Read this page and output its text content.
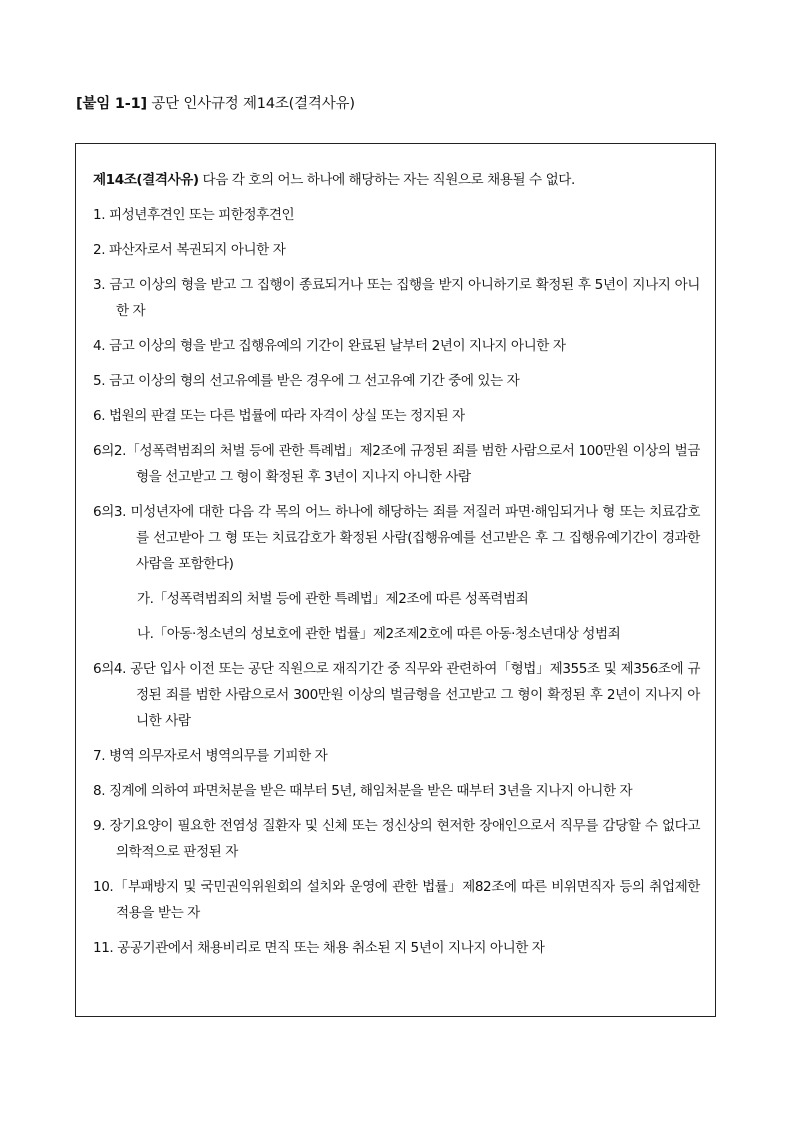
[붙임 1-1] 공단 인사규정 제14조(결격사유)

제14조(결격사유) 다음 각 호의 어느 하나에 해당하는 자는 직원으로 채용될 수 없다.

1. 피성년후견인 또는 피한정후견인

2. 파산자로서 복권되지 아니한 자

3. 금고 이상의 형을 받고 그 집행이 종료되거나 또는 집행을 받지 아니하기로 확정된 후 5년이 지나지 아니한 자

4. 금고 이상의 형을 받고 집행유예의 기간이 완료된 날부터 2년이 지나지 아니한 자

5. 금고 이상의 형의 선고유예를 받은 경우에 그 선고유예 기간 중에 있는 자

6. 법원의 판결 또는 다른 법률에 따라 자격이 상실 또는 정지된 자

6의2.「성폭력범죄의 처벌 등에 관한 특례법」제2조에 규정된 죄를 범한 사람으로서 100만원 이상의 벌금형을 선고받고 그 형이 확정된 후 3년이 지나지 아니한 사람

6의3. 미성년자에 대한 다음 각 목의 어느 하나에 해당하는 죄를 저질러 파면·해임되거나 형 또는 치료감호를 선고받아 그 형 또는 치료감호가 확정된 사람(집행유예를 선고받은 후 그 집행유예기간이 경과한 사람을 포함한다)

가.「성폭력범죄의 처벌 등에 관한 특례법」제2조에 따른 성폭력범죄

나.「아동·청소년의 성보호에 관한 법률」제2조제2호에 따른 아동·청소년대상 성범죄

6의4. 공단 입사 이전 또는 공단 직원으로 재직기간 중 직무와 관련하여「형법」제355조 및 제356조에 규정된 죄를 범한 사람으로서 300만원 이상의 벌금형을 선고받고 그 형이 확정된 후 2년이 지나지 아니한 사람

7. 병역 의무자로서 병역의무를 기피한 자

8. 징계에 의하여 파면처분을 받은 때부터 5년, 해임처분을 받은 때부터 3년을 지나지 아니한 자

9. 장기요양이 필요한 전염성 질환자 및 신체 또는 정신상의 현저한 장애인으로서 직무를 감당할 수 없다고 의학적으로 판정된 자

10.「부패방지 및 국민권익위원회의 설치와 운영에 관한 법률」제82조에 따른 비위면직자 등의 취업제한 적용을 받는 자

11. 공공기관에서 채용비리로 면직 또는 채용 취소된 지 5년이 지나지 아니한 자
